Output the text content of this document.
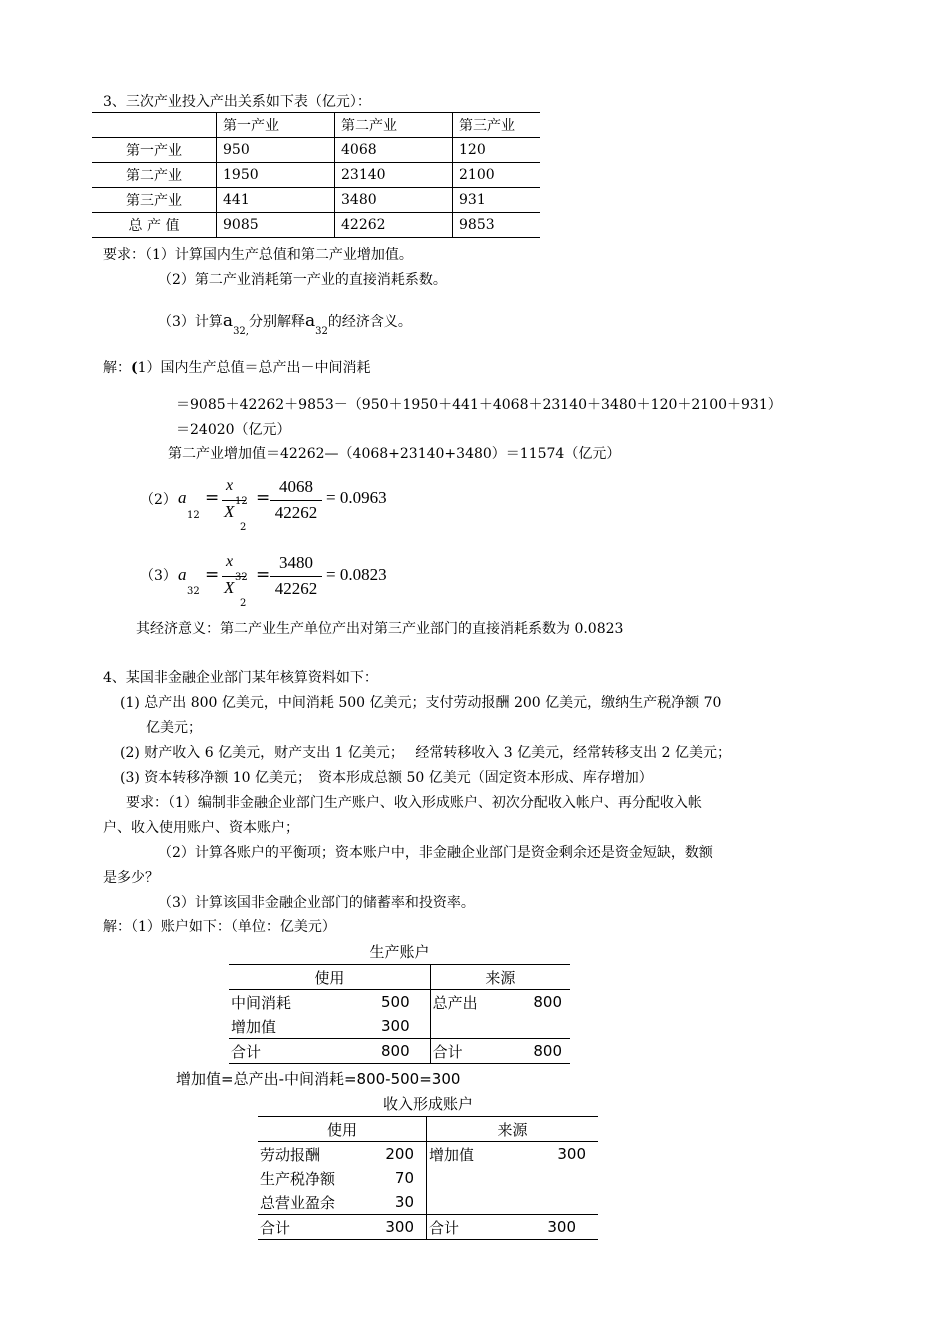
3、三次产业投入产出关系如下表（亿元）：
	第一产业	第二产业	第三产业
第一产业	950	4068	120
第二产业	1950	23140	2100
第三产业	441	3480	931
总 产 值	9085	42262	9853
要求：（1）计算国内生产总值和第二产业增加值。
（2）第二产业消耗第一产业的直接消耗系数。
（3）计算$a_{32,}$分别解释$a_{32}$的经济含义。
解：(1）国内生产总值＝总产出－中间消耗
＝9085＋42262＋9853－（950＋1950＋441＋4068＋23140＋3480＋120＋2100＋931）
＝24020（亿元）
第二产业增加值＝42262—（4068+23140+3480）＝11574（亿元）
（2） a
12
=
x
12
X
2
=
4068
42262
= 0.0963
（3） a
32
=
x
32
X
2
=
3480
42262
= 0.0823
其经济意义：第二产业生产单位产出对第三产业部门的直接消耗系数为 0.0823
4、某国非金融企业部门某年核算资料如下：
(1) 总产出 800 亿美元，中间消耗 500 亿美元；支付劳动报酬 200 亿美元，缴纳生产税净额 70
亿美元；
(2) 财产收入 6 亿美元，财产支出 1 亿美元；　 经常转移收入 3 亿美元，经常转移支出 2 亿美元；
(3) 资本转移净额 10 亿美元；　资本形成总额 50 亿美元（固定资本形成、库存增加）
要求：（1）编制非金融企业部门生产账户、收入形成账户、初次分配收入帐户、再分配收入帐
户、收入使用账户、资本账户；
（2）计算各账户的平衡项；资本账户中，非金融企业部门是资金剩余还是资金短缺，数额
是多少？
（3）计算该国非金融企业部门的储蓄率和投资率。
解：（1）账户如下：（单位：亿美元）
生产账户
使用		来源	
中间消耗	500	总产出	800
增加值	300		
合计	800	合计	800
增加值=总产出-中间消耗=800-500=300
收入形成账户
使用		来源	
劳动报酬	200	增加值	300
生产税净额	70		
总营业盈余	30		
合计	300	合计	300
